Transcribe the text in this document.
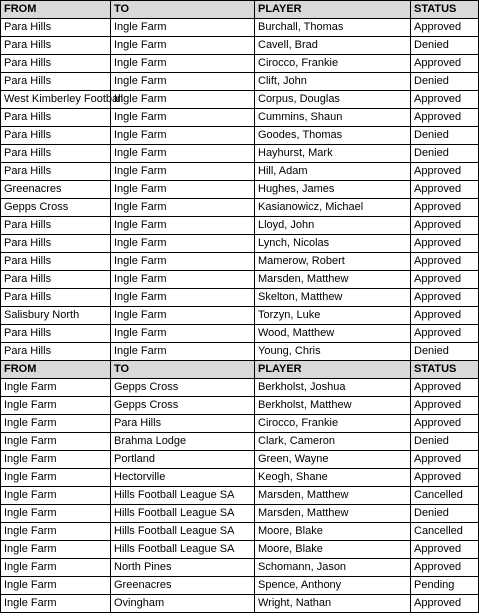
FROM	TO	PLAYER	STATUS
Para Hills	Ingle Farm	Burchall, Thomas	Approved
Para Hills	Ingle Farm	Cavell, Brad	Denied
Para Hills	Ingle Farm	Cirocco, Frankie	Approved
Para Hills	Ingle Farm	Clift, John	Denied
West Kimberley Football	Ingle Farm	Corpus, Douglas	Approved
Para Hills	Ingle Farm	Cummins, Shaun	Approved
Para Hills	Ingle Farm	Goodes, Thomas	Denied
Para Hills	Ingle Farm	Hayhurst, Mark	Denied
Para Hills	Ingle Farm	Hill, Adam	Approved
Greenacres	Ingle Farm	Hughes, James	Approved
Gepps Cross	Ingle Farm	Kasianowicz, Michael	Approved
Para Hills	Ingle Farm	Lloyd, John	Approved
Para Hills	Ingle Farm	Lynch, Nicolas	Approved
Para Hills	Ingle Farm	Mamerow, Robert	Approved
Para Hills	Ingle Farm	Marsden, Matthew	Approved
Para Hills	Ingle Farm	Skelton, Matthew	Approved
Salisbury North	Ingle Farm	Torzyn, Luke	Approved
Para Hills	Ingle Farm	Wood, Matthew	Approved
Para Hills	Ingle Farm	Young, Chris	Denied
FROM	TO	PLAYER	STATUS
Ingle Farm	Gepps Cross	Berkholst, Joshua	Approved
Ingle Farm	Gepps Cross	Berkholst, Matthew	Approved
Ingle Farm	Para Hills	Cirocco, Frankie	Approved
Ingle Farm	Brahma Lodge	Clark, Cameron	Denied
Ingle Farm	Portland	Green, Wayne	Approved
Ingle Farm	Hectorville	Keogh, Shane	Approved
Ingle Farm	Hills Football League SA	Marsden, Matthew	Cancelled
Ingle Farm	Hills Football League SA	Marsden, Matthew	Denied
Ingle Farm	Hills Football League SA	Moore, Blake	Cancelled
Ingle Farm	Hills Football League SA	Moore, Blake	Approved
Ingle Farm	North Pines	Schomann, Jason	Approved
Ingle Farm	Greenacres	Spence, Anthony	Pending
Ingle Farm	Ovingham	Wright, Nathan	Approved
